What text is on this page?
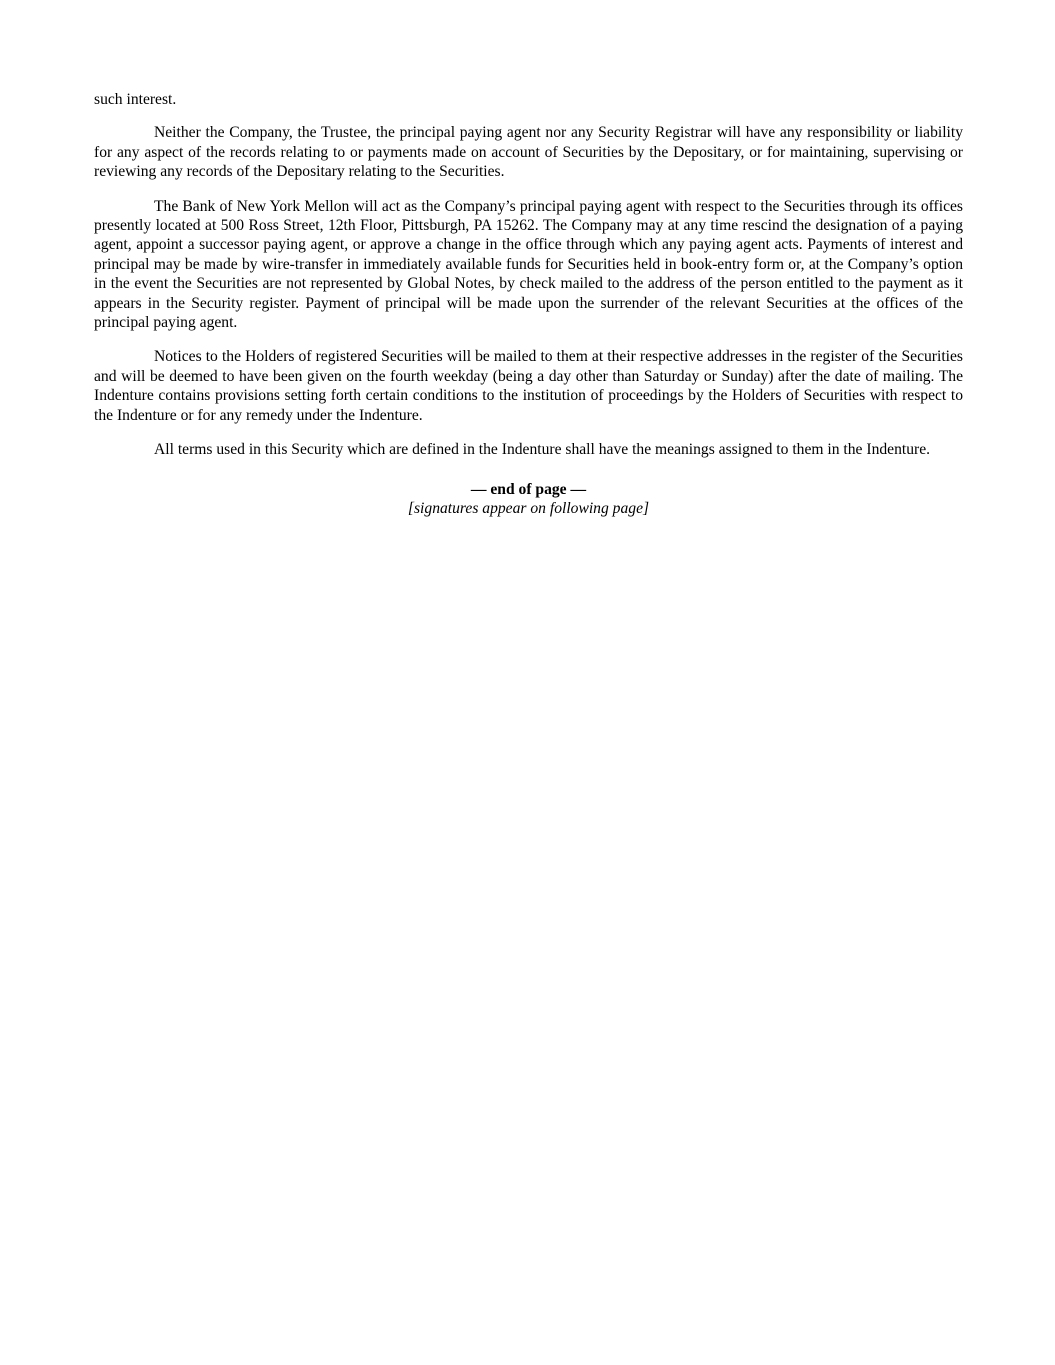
such interest.

Neither the Company, the Trustee, the principal paying agent nor any Security Registrar will have any responsibility or liability for any aspect of the records relating to or payments made on account of Securities by the Depositary, or for maintaining, supervising or reviewing any records of the Depositary relating to the Securities.

The Bank of New York Mellon will act as the Company’s principal paying agent with respect to the Securities through its offices presently located at 500 Ross Street, 12th Floor, Pittsburgh, PA 15262. The Company may at any time rescind the designation of a paying agent, appoint a successor paying agent, or approve a change in the office through which any paying agent acts. Payments of interest and principal may be made by wire-transfer in immediately available funds for Securities held in book-entry form or, at the Company’s option in the event the Securities are not represented by Global Notes, by check mailed to the address of the person entitled to the payment as it appears in the Security register. Payment of principal will be made upon the surrender of the relevant Securities at the offices of the principal paying agent.

Notices to the Holders of registered Securities will be mailed to them at their respective addresses in the register of the Securities and will be deemed to have been given on the fourth weekday (being a day other than Saturday or Sunday) after the date of mailing. The Indenture contains provisions setting forth certain conditions to the institution of proceedings by the Holders of Securities with respect to the Indenture or for any remedy under the Indenture.

All terms used in this Security which are defined in the Indenture shall have the meanings assigned to them in the Indenture.

— end of page —
[signatures appear on following page]
